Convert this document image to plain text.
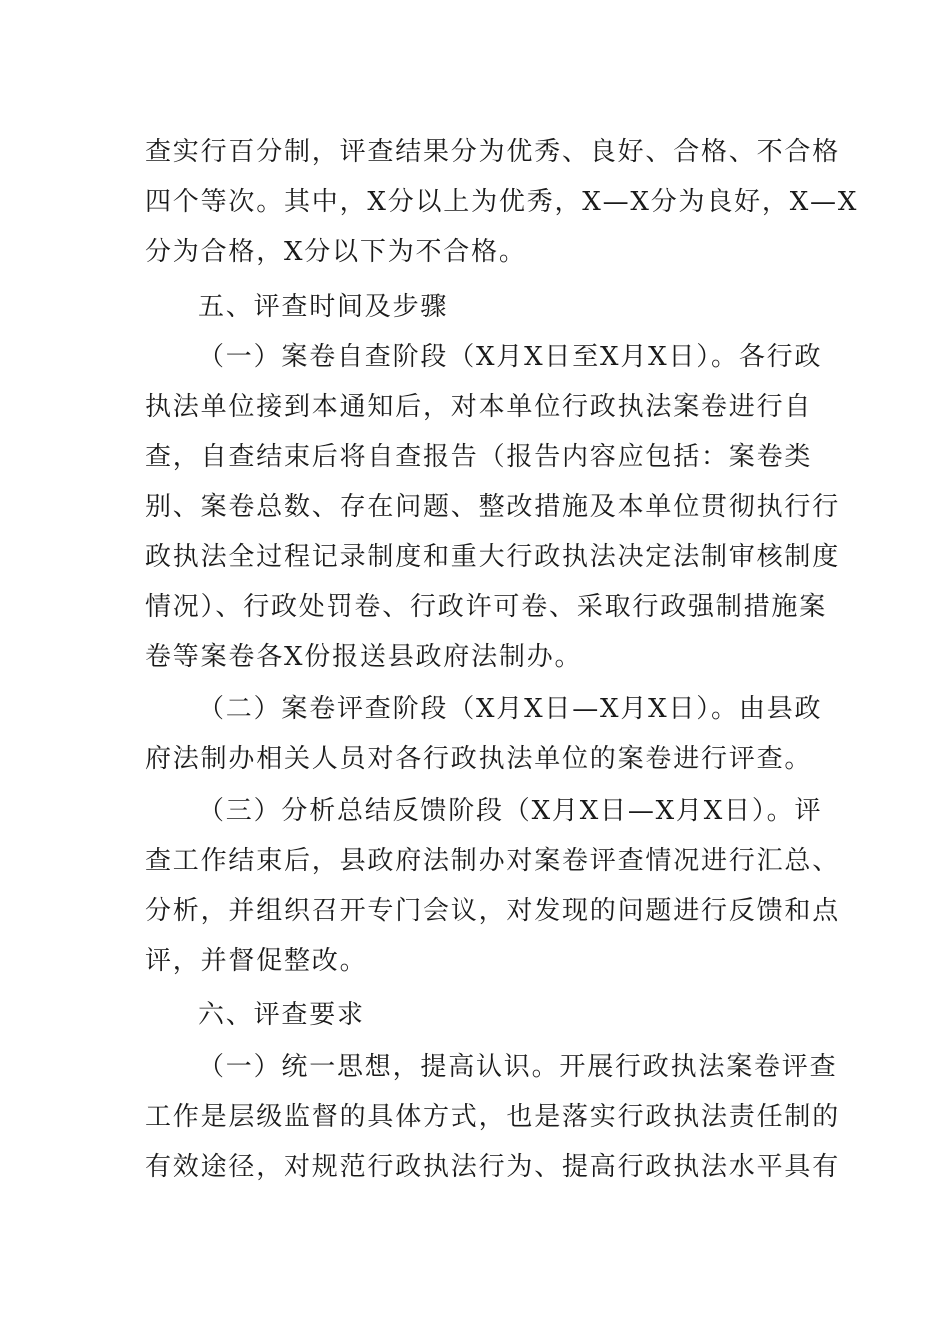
查实行百分制，评查结果分为优秀、良好、合格、不合格
四个等次。其中，X分以上为优秀，X—X分为良好，X—X
分为合格，X分以下为不合格。
五、评查时间及步骤
（一）案卷自查阶段（X月X日至X月X日）。各行政
执法单位接到本通知后，对本单位行政执法案卷进行自
查，自查结束后将自查报告（报告内容应包括：案卷类
别、案卷总数、存在问题、整改措施及本单位贯彻执行行
政执法全过程记录制度和重大行政执法决定法制审核制度
情况）、行政处罚卷、行政许可卷、采取行政强制措施案
卷等案卷各X份报送县政府法制办。
（二）案卷评查阶段（X月X日—X月X日）。由县政
府法制办相关人员对各行政执法单位的案卷进行评查。
（三）分析总结反馈阶段（X月X日—X月X日）。评
查工作结束后，县政府法制办对案卷评查情况进行汇总、
分析，并组织召开专门会议，对发现的问题进行反馈和点
评，并督促整改。
六、评查要求
（一）统一思想，提高认识。开展行政执法案卷评查
工作是层级监督的具体方式，也是落实行政执法责任制的
有效途径，对规范行政执法行为、提高行政执法水平具有
